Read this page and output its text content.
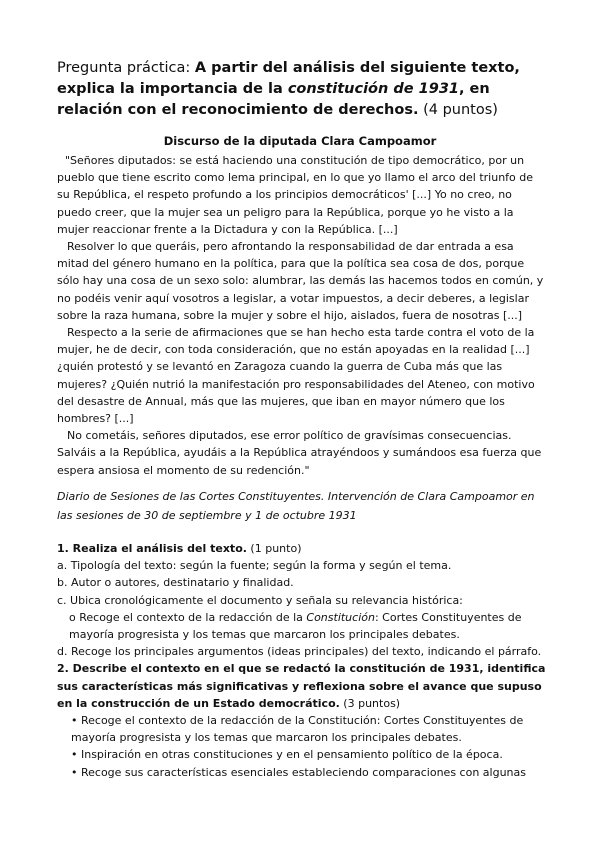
Pregunta práctica: A partir del análisis del siguiente texto, explica la importancia de la constitución de 1931, en relación con el reconocimiento de derechos. (4 puntos)
Discurso de la diputada Clara Campoamor

"Señores diputados: se está haciendo una constitución de tipo democrático, por un pueblo que tiene escrito como lema principal, en lo que yo llamo el arco del triunfo de su República, el respeto profundo a los principios democráticos' [...] Yo no creo, no puedo creer, que la mujer sea un peligro para la República, porque yo he visto a la mujer reaccionar frente a la Dictadura y con la República. [...]

Resolver lo que queráis, pero afrontando la responsabilidad de dar entrada a esa mitad del género humano en la política, para que la política sea cosa de dos, porque sólo hay una cosa de un sexo solo: alumbrar, las demás las hacemos todos en común, y no podéis venir aquí vosotros a legislar, a votar impuestos, a decir deberes, a legislar sobre la raza humana, sobre la mujer y sobre el hijo, aislados, fuera de nosotras [...]

Respecto a la serie de afirmaciones que se han hecho esta tarde contra el voto de la mujer, he de decir, con toda consideración, que no están apoyadas en la realidad [...] ¿quién protestó y se levantó en Zaragoza cuando la guerra de Cuba más que las mujeres? ¿Quién nutrió la manifestación pro responsabilidades del Ateneo, con motivo del desastre de Annual, más que las mujeres, que iban en mayor número que los hombres? [...]

No cometáis, señores diputados, ese error político de gravísimas consecuencias. Salváis a la República, ayudáis a la República atrayéndoos y sumándoos esa fuerza que espera ansiosa el momento de su redención."

Diario de Sesiones de las Cortes Constituyentes. Intervención de Clara Campoamor en las sesiones de 30 de septiembre y 1 de octubre 1931
1. Realiza el análisis del texto. (1 punto)
a. Tipología del texto: según la fuente; según la forma y según el tema.
b. Autor o autores, destinatario y finalidad.
c. Ubica cronológicamente el documento y señala su relevancia histórica:
o Recoge el contexto de la redacción de la Constitución: Cortes Constituyentes de mayoría progresista y los temas que marcaron los principales debates.
d. Recoge los principales argumentos (ideas principales) del texto, indicando el párrafo.
2. Describe el contexto en el que se redactó la constitución de 1931, identifica sus características más significativas y reflexiona sobre el avance que supuso en la construcción de un Estado democrático. (3 puntos)
• Recoge el contexto de la redacción de la Constitución: Cortes Constituyentes de mayoría progresista y los temas que marcaron los principales debates.
• Inspiración en otras constituciones y en el pensamiento político de la época.
• Recoge sus características esenciales estableciendo comparaciones con algunas
